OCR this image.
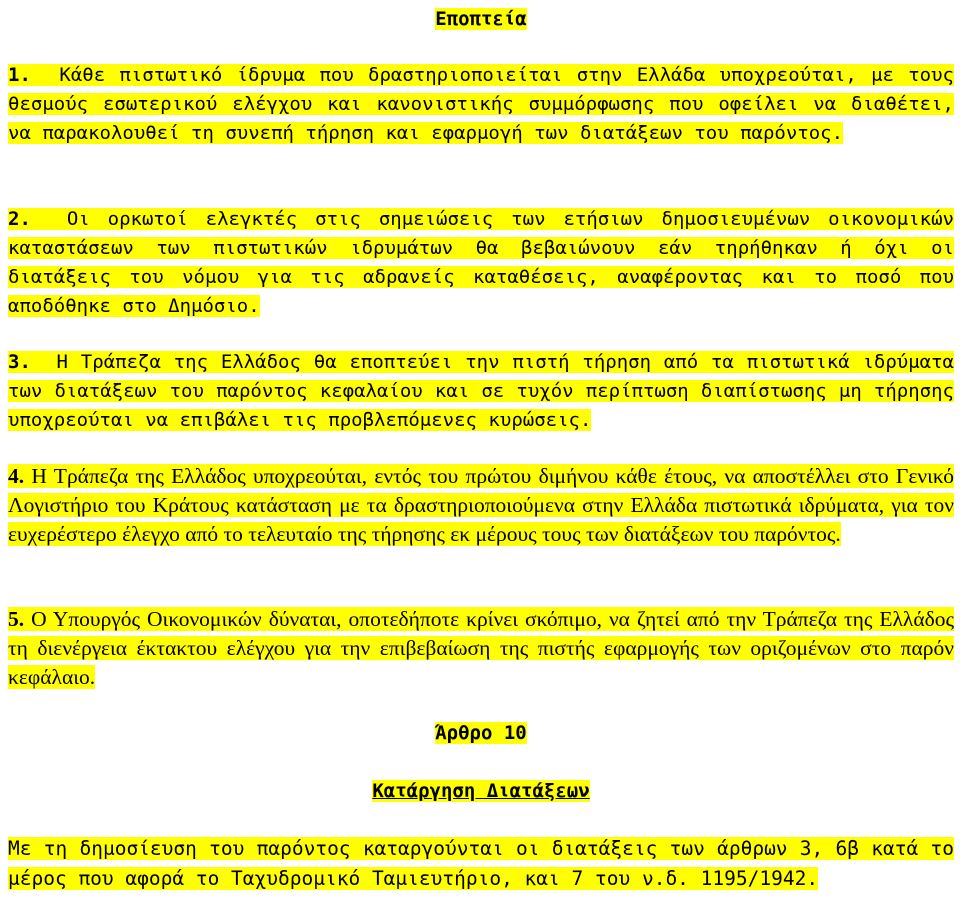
Εποπτεία

1. Κάθε πιστωτικό ίδρυμα που δραστηριοποιείται στην Ελλάδα υποχρεούται, με τους θεσμούς εσωτερικού ελέγχου και κανονιστικής συμμόρφωσης που οφείλει να διαθέτει, να παρακολουθεί τη συνεπή τήρηση και εφαρμογή των διατάξεων του παρόντος.

2. Οι ορκωτοί ελεγκτές στις σημειώσεις των ετήσιων δημοσιευμένων οικονομικών καταστάσεων των πιστωτικών ιδρυμάτων θα βεβαιώνουν εάν τηρήθηκαν ή όχι οι διατάξεις του νόμου για τις αδρανείς καταθέσεις, αναφέροντας και το ποσό που αποδόθηκε στο Δημόσιο.

3. Η Τράπεζα της Ελλάδος θα εποπτεύει την πιστή τήρηση από τα πιστωτικά ιδρύματα των διατάξεων του παρόντος κεφαλαίου και σε τυχόν περίπτωση διαπίστωσης μη τήρησης υποχρεούται να επιβάλει τις προβλεπόμενες κυρώσεις.

4. Η Τράπεζα της Ελλάδος υποχρεούται, εντός του πρώτου διμήνου κάθε έτους, να αποστέλλει στο Γενικό Λογιστήριο του Κράτους κατάσταση με τα δραστηριοποιούμενα στην Ελλάδα πιστωτικά ιδρύματα, για τον ευχερέστερο έλεγχο από το τελευταίο της τήρησης εκ μέρους τους των διατάξεων του παρόντος.

5. Ο Υπουργός Οικονομικών δύναται, οποτεδήποτε κρίνει σκόπιμο, να ζητεί από την Τράπεζα της Ελλάδος τη διενέργεια έκτακτου ελέγχου για την επιβεβαίωση της πιστής εφαρμογής των οριζομένων στο παρόν κεφάλαιο.

Άρθρο 10
Κατάργηση Διατάξεων

Με τη δημοσίευση του παρόντος καταργούνται οι διατάξεις των άρθρων 3, 6β κατά το μέρος που αφορά το Ταχυδρομικό Ταμιευτήριο, και 7 του ν.δ. 1195/1942.
